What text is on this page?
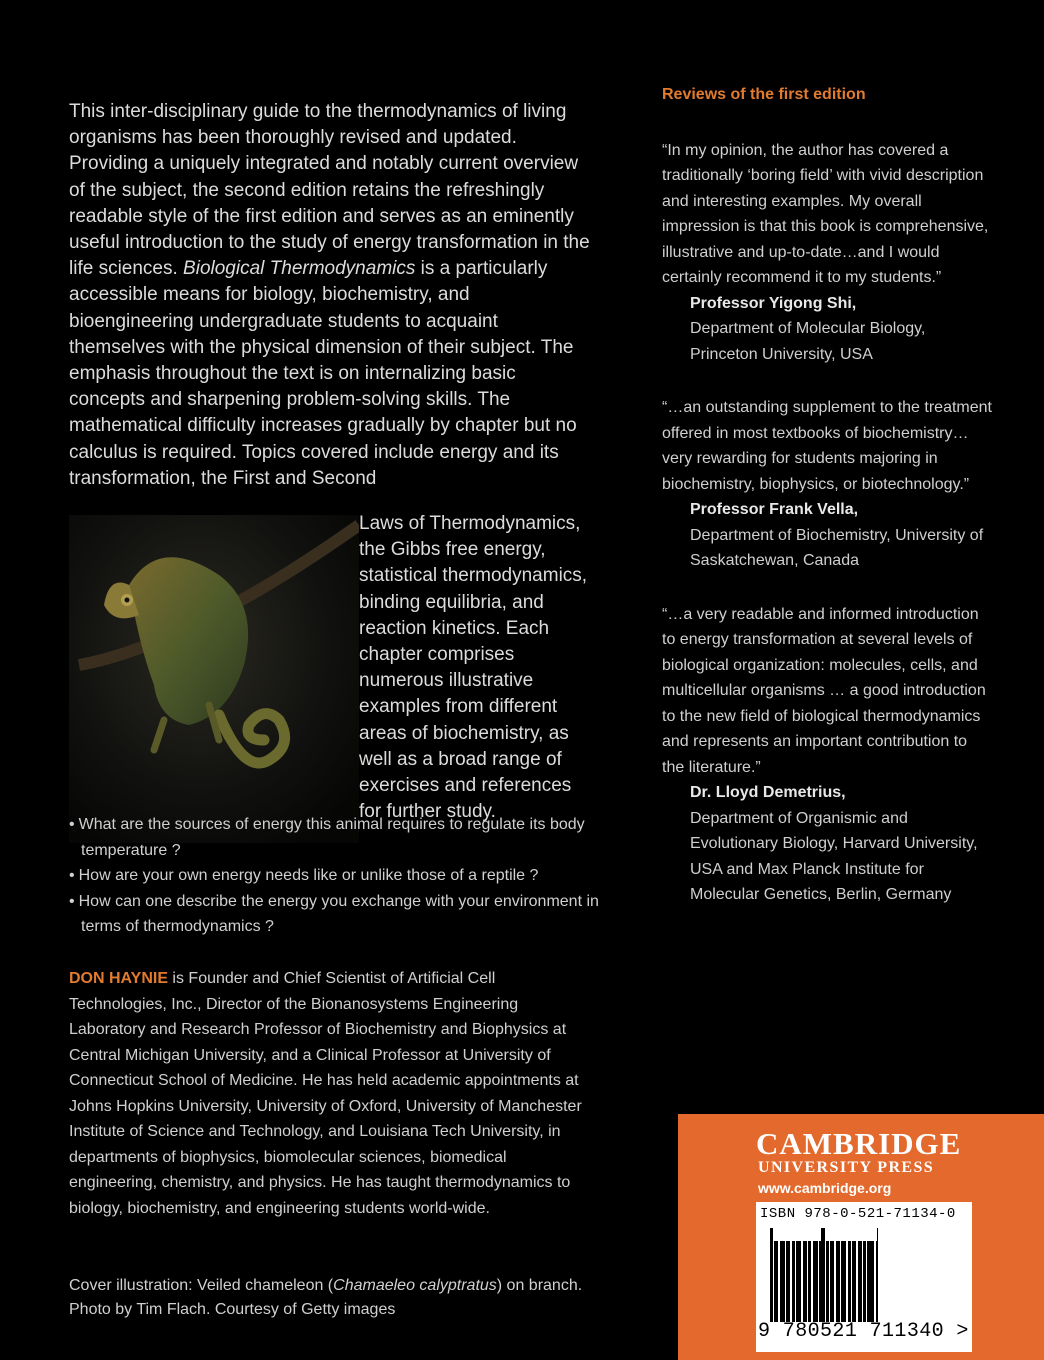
This inter-disciplinary guide to the thermodynamics of living organisms has been thoroughly revised and updated. Providing a uniquely integrated and notably current overview of the subject, the second edition retains the refreshingly readable style of the first edition and serves as an eminently useful introduction to the study of energy transformation in the life sciences. Biological Thermodynamics is a particularly accessible means for biology, biochemistry, and bioengineering undergraduate students to acquaint themselves with the physical dimension of their subject. The emphasis throughout the text is on internalizing basic concepts and sharpening problem-solving skills. The mathematical difficulty increases gradually by chapter but no calculus is required. Topics covered include energy and its transformation, the First and Second

Laws of Thermodynamics, the Gibbs free energy, statistical thermodynamics, binding equilibria, and reaction kinetics. Each chapter comprises numerous illustrative examples from different areas of biochemistry, as well as a broad range of exercises and references for further study.
• What are the sources of energy this animal requires to regulate its body temperature ?
• How are your own energy needs like or unlike those of a reptile ?
• How can one describe the energy you exchange with your environment in terms of thermodynamics ?

DON HAYNIE is Founder and Chief Scientist of Artificial Cell Technologies, Inc., Director of the Bionanosystems Engineering Laboratory and Research Professor of Biochemistry and Biophysics at Central Michigan University, and a Clinical Professor at University of Connecticut School of Medicine. He has held academic appointments at Johns Hopkins University, University of Oxford, University of Manchester Institute of Science and Technology, and Louisiana Tech University, in departments of biophysics, biomolecular sciences, biomedical engineering, chemistry, and physics. He has taught thermodynamics to biology, biochemistry, and engineering students world-wide.

Cover illustration: Veiled chameleon (Chamaeleo calyptratus) on branch.
Photo by Tim Flach. Courtesy of Getty images

Reviews of the first edition

“In my opinion, the author has covered a traditionally ‘boring field’ with vivid description and interesting examples. My overall impression is that this book is comprehensive, illustrative and up-to-date…and I would certainly recommend it to my students.”

Professor Yigong Shi,
Department of Molecular Biology, Princeton University, USA

“…an outstanding supplement to the treatment offered in most textbooks of biochemistry…very rewarding for students majoring in biochemistry, biophysics, or biotechnology.”

Professor Frank Vella,
Department of Biochemistry, University of Saskatchewan, Canada

“…a very readable and informed introduction to energy transformation at several levels of biological organization: molecules, cells, and multicellular organisms … a good introduction to the new field of biological thermodynamics and represents an important contribution to the literature.”

Dr. Lloyd Demetrius,
Department of Organismic and Evolutionary Biology, Harvard University, USA and Max Planck Institute for Molecular Genetics, Berlin, Germany
CAMBRIDGE
UNIVERSITY PRESS
www.cambridge.org
ISBN 978-0-521-71134-0
9 780521 711340 >
